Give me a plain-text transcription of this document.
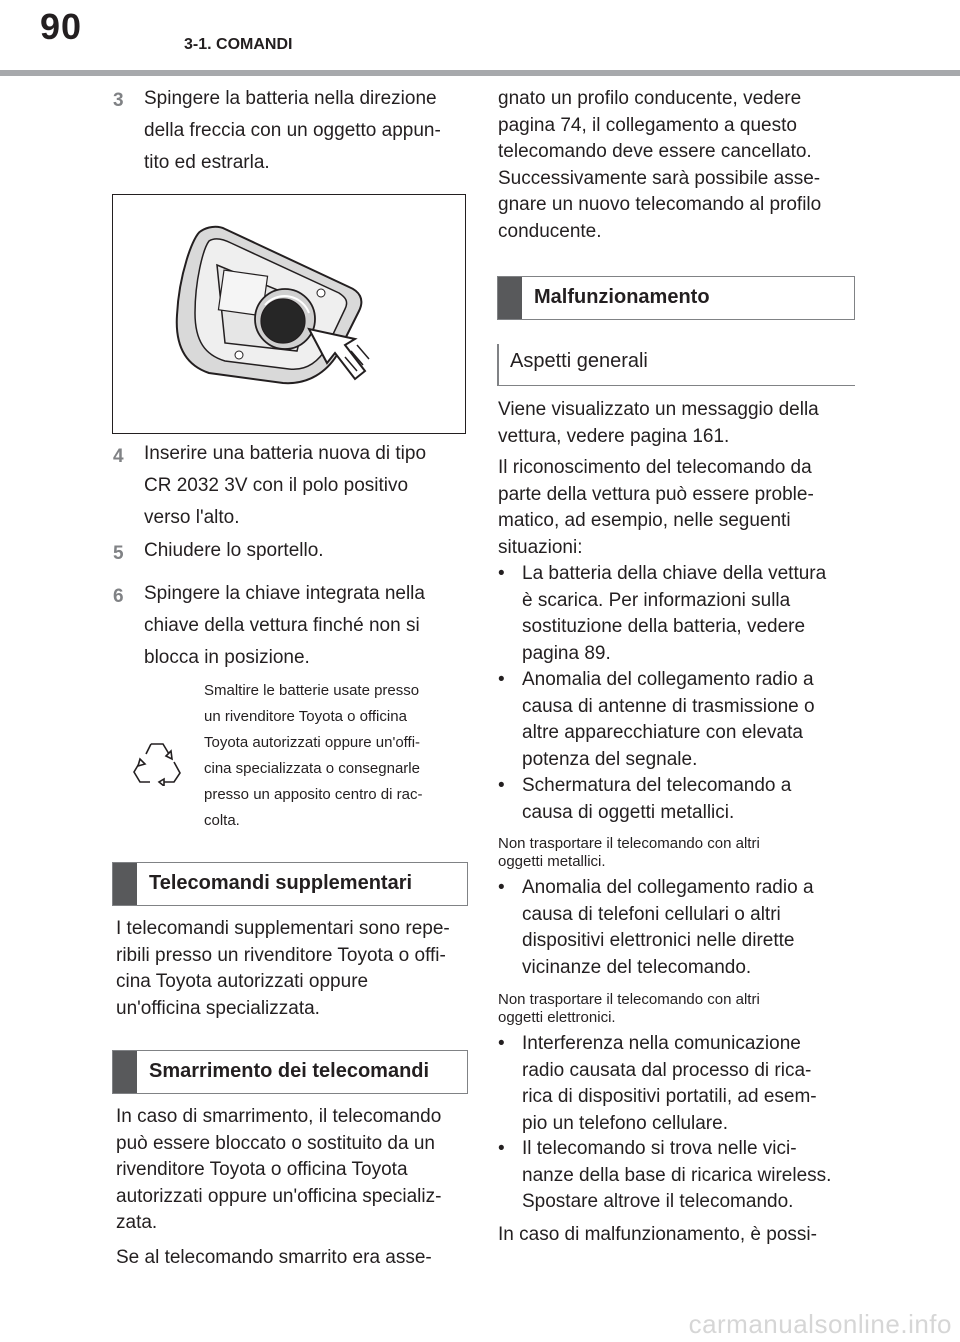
90	3-1. COMANDI
3 Spingere la batteria nella direzione
della freccia con un oggetto appun-
tito ed estrarla.
4 Inserire una batteria nuova di tipo
CR 2032 3V con il polo positivo
verso l'alto.
5 Chiudere lo sportello.
6 Spingere la chiave integrata nella
chiave della vettura finché non si
blocca in posizione.
Smaltire le batterie usate presso
un rivenditore Toyota o officina
Toyota autorizzati oppure un'offi-
cina specializzata o consegnarle
presso un apposito centro di rac-
colta.
Telecomandi supplementari
I telecomandi supplementari sono repe-
ribili presso un rivenditore Toyota o offi-
cina Toyota autorizzati oppure
un'officina specializzata.
Smarrimento dei telecomandi
In caso di smarrimento, il telecomando
può essere bloccato o sostituito da un
rivenditore Toyota o officina Toyota
autorizzati oppure un'officina specializ-
zata.
Se al telecomando smarrito era asse-
gnato un profilo conducente, vedere
pagina 74, il collegamento a questo
telecomando deve essere cancellato.
Successivamente sarà possibile asse-
gnare un nuovo telecomando al profilo
conducente.
Malfunzionamento
Aspetti generali
Viene visualizzato un messaggio della
vettura, vedere pagina 161.
Il riconoscimento del telecomando da
parte della vettura può essere proble-
matico, ad esempio, nelle seguenti
situazioni:
• La batteria della chiave della vettura
è scarica. Per informazioni sulla
sostituzione della batteria, vedere
pagina 89.
• Anomalia del collegamento radio a
causa di antenne di trasmissione o
altre apparecchiature con elevata
potenza del segnale.
• Schermatura del telecomando a
causa di oggetti metallici.
Non trasportare il telecomando con altri
oggetti metallici.
• Anomalia del collegamento radio a
causa di telefoni cellulari o altri
dispositivi elettronici nelle dirette
vicinanze del telecomando.
Non trasportare il telecomando con altri
oggetti elettronici.
• Interferenza nella comunicazione
radio causata dal processo di rica-
rica di dispositivi portatili, ad esem-
pio un telefono cellulare.
• Il telecomando si trova nelle vici-
nanze della base di ricarica wireless.
Spostare altrove il telecomando.
In caso di malfunzionamento, è possi-
carmanualsonline.info
